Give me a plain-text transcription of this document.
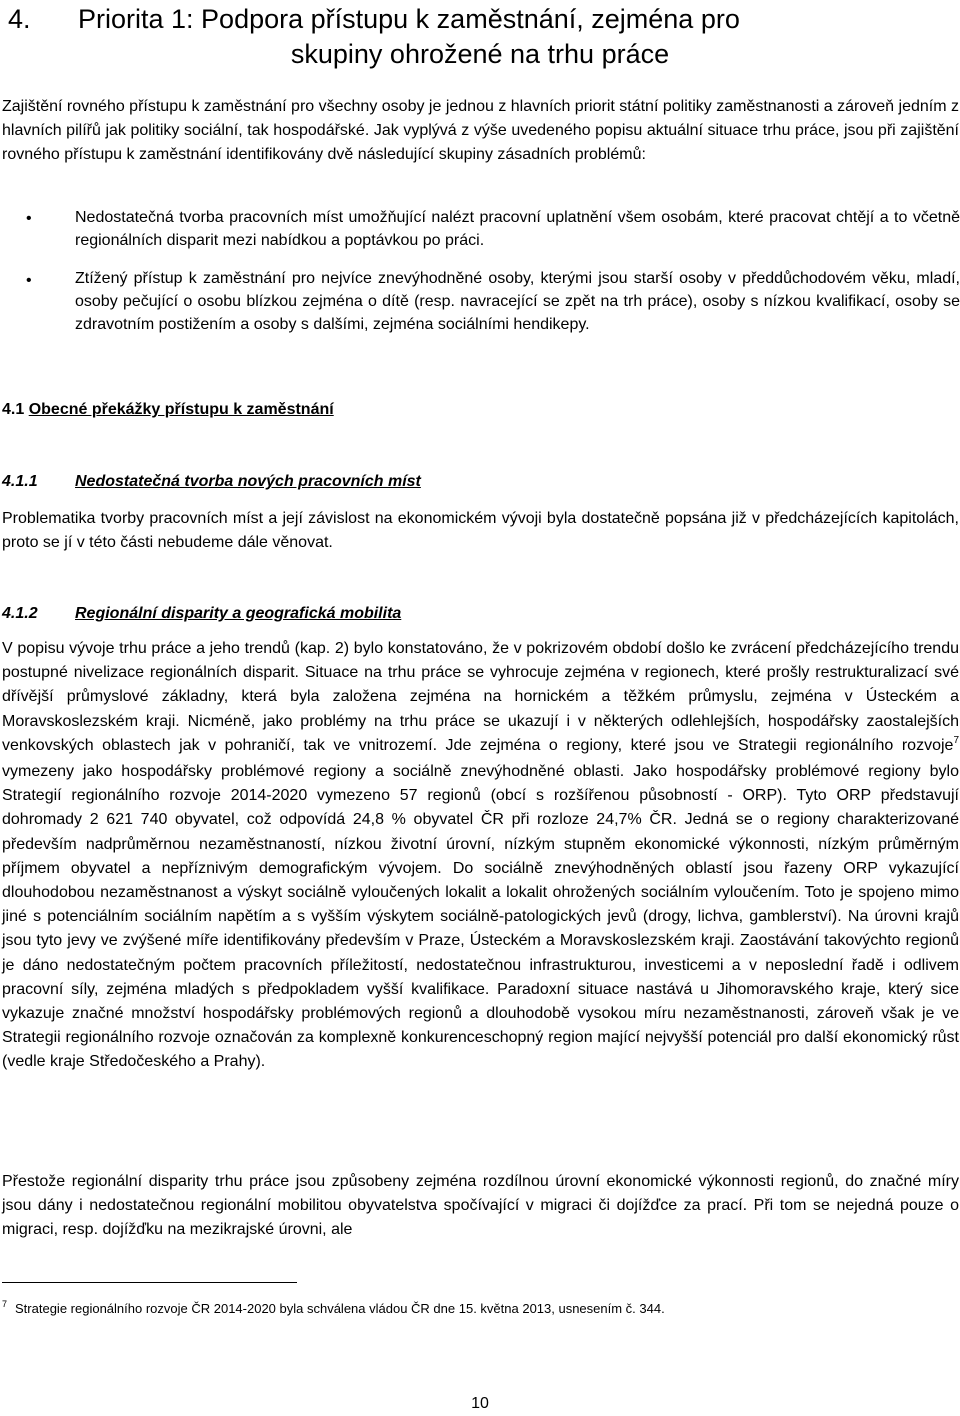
4. Priorita 1: Podpora přístupu k zaměstnání, zejména pro
skupiny ohrožené na trhu práce
Zajištění rovného přístupu k zaměstnání pro všechny osoby je jednou z hlavních priorit státní politiky zaměstnanosti a zároveň jedním z hlavních pilířů jak politiky sociální, tak hospodářské. Jak vyplývá z výše uvedeného popisu aktuální situace trhu práce, jsou při zajištění rovného přístupu k zaměstnání identifikovány dvě následující skupiny zásadních problémů:
•	Nedostatečná tvorba pracovních míst umožňující nalézt pracovní uplatnění všem osobám, které pracovat chtějí a to včetně regionálních disparit mezi nabídkou a poptávkou po práci.
•	Ztížený přístup k zaměstnání pro nejvíce znevýhodněné osoby, kterými jsou starší osoby v předdůchodovém věku, mladí, osoby pečující o osobu blízkou zejména o dítě (resp. navracející se zpět na trh práce), osoby s nízkou kvalifikací, osoby se zdravotním postižením a osoby s dalšími, zejména sociálními hendikepy.
4.1 Obecné překážky přístupu k zaměstnání
4.1.1 Nedostatečná tvorba nových pracovních míst
Problematika tvorby pracovních míst a její závislost na ekonomickém vývoji byla dostatečně popsána již v předcházejících kapitolách, proto se jí v této části nebudeme dále věnovat.
4.1.2 Regionální disparity a geografická mobilita
V popisu vývoje trhu práce a jeho trendů (kap. 2) bylo konstatováno, že v pokrizovém období došlo ke zvrácení předcházejícího trendu postupné nivelizace regionálních disparit. Situace na trhu práce se vyhrocuje zejména v regionech, které prošly restrukturalizací své dřívější průmyslové základny, která byla založena zejména na hornickém a těžkém průmyslu, zejména v Ústeckém a Moravskoslezském kraji. Nicméně, jako problémy na trhu práce se ukazují i v některých odlehlejších, hospodářsky zaostalejších venkovských oblastech jak v pohraničí, tak ve vnitrozemí. Jde zejména o regiony, které jsou ve Strategii regionálního rozvoje$^7$ vymezeny jako hospodářsky problémové regiony a sociálně znevýhodněné oblasti. Jako hospodářsky problémové regiony bylo Strategií regionálního rozvoje 2014-2020 vymezeno 57 regionů (obcí s rozšířenou působností - ORP). Tyto ORP představují dohromady 2 621 740 obyvatel, což odpovídá 24,8 % obyvatel ČR při rozloze 24,7% ČR. Jedná se o regiony charakterizované především nadprůměrnou nezaměstnaností, nízkou životní úrovní, nízkým stupněm ekonomické výkonnosti, nízkým průměrným příjmem obyvatel a nepříznivým demografickým vývojem. Do sociálně znevýhodněných oblastí jsou řazeny ORP vykazující dlouhodobou nezaměstnanost a výskyt sociálně vyloučených lokalit a lokalit ohrožených sociálním vyloučením. Toto je spojeno mimo jiné s potenciálním sociálním napětím a s vyšším výskytem sociálně-patologických jevů (drogy, lichva, gamblerství). Na úrovni krajů jsou tyto jevy ve zvýšené míře identifikovány především v Praze, Ústeckém a Moravskoslezském kraji. Zaostávání takovýchto regionů je dáno nedostatečným počtem pracovních příležitostí, nedostatečnou infrastrukturou, investicemi a v neposlední řadě i odlivem pracovní síly, zejména mladých s předpokladem vyšší kvalifikace. Paradoxní situace nastává u Jihomoravského kraje, který sice vykazuje značné množství hospodářsky problémových regionů a dlouhodobě vysokou míru nezaměstnanosti, zároveň však je ve Strategii regionálního rozvoje označován za komplexně konkurenceschopný region mající nejvyšší potenciál pro další ekonomický růst (vedle kraje Středočeského a Prahy).
Přestože regionální disparity trhu práce jsou způsobeny zejména rozdílnou úrovní ekonomické výkonnosti regionů, do značné míry jsou dány i nedostatečnou regionální mobilitou obyvatelstva spočívající v migraci či dojížďce za prací. Při tom se nejedná pouze o migraci, resp. dojížďku na mezikrajské úrovni, ale
$^7$ Strategie regionálního rozvoje ČR 2014-2020 byla schválena vládou ČR dne 15. května 2013, usnesením č. 344.
10
